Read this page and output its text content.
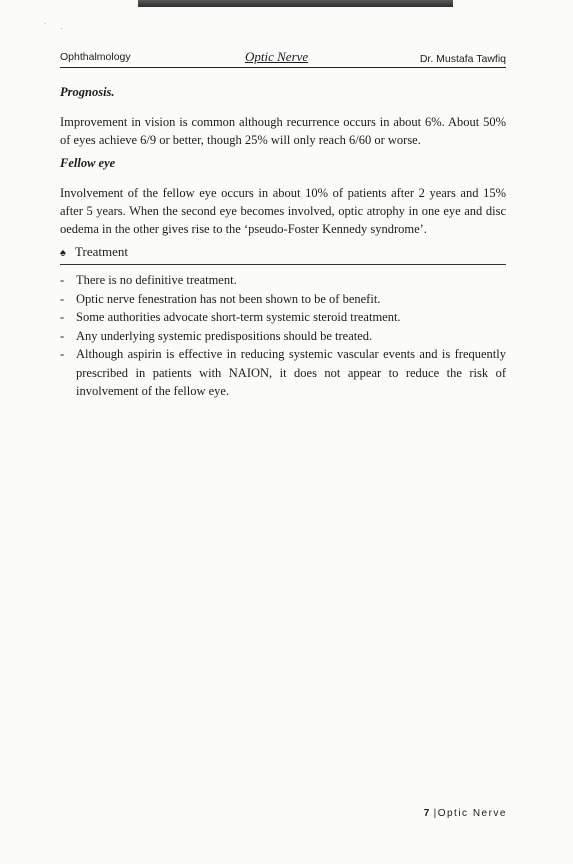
` .
Ophthalmology	Optic Nerve	Dr. Mustafa Tawfiq
Prognosis.
Improvement in vision is common although recurrence occurs in about 6%. About 50% of eyes achieve 6/9 or better, though 25% will only reach 6/60 or worse.
Fellow eye
Involvement of the fellow eye occurs in about 10% of patients after 2 years and 15% after 5 years. When the second eye becomes involved, optic atrophy in one eye and disc oedema in the other gives rise to the ‘pseudo-Foster Kennedy syndrome’.
♠ Treatment
- There is no definitive treatment.
- Optic nerve fenestration has not been shown to be of benefit.
- Some authorities advocate short-term systemic steroid treatment.
- Any underlying systemic predispositions should be treated.
- Although aspirin is effective in reducing systemic vascular events and is frequently prescribed in patients with NAION, it does not appear to reduce the risk of involvement of the fellow eye.
7 |Optic Nerve
